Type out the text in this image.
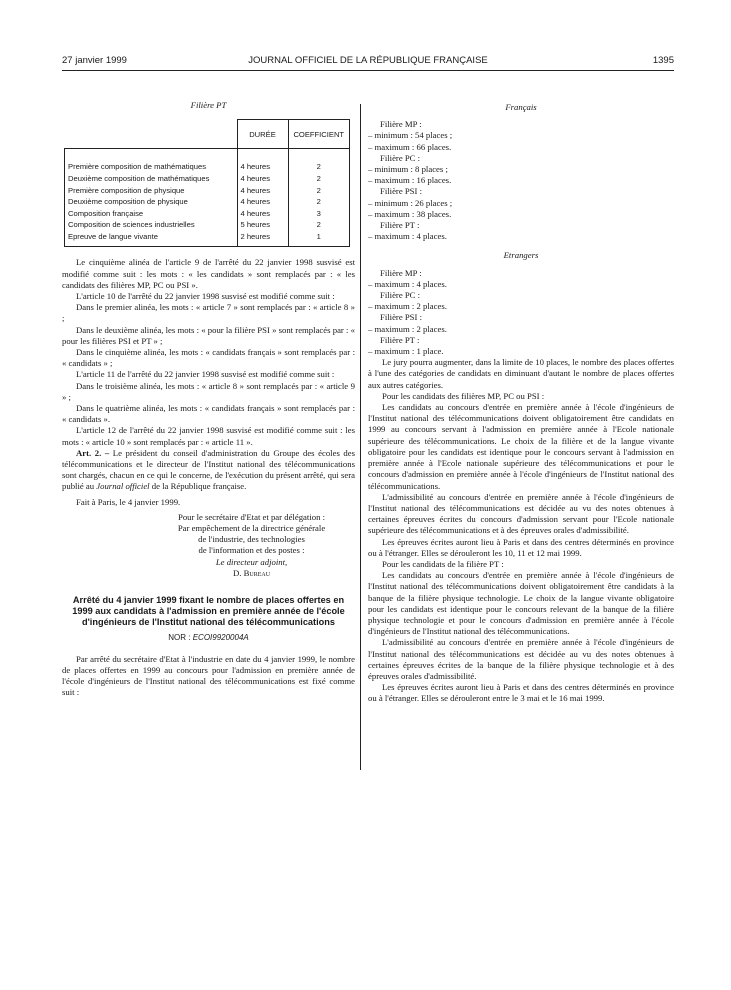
27 janvier 1999	JOURNAL OFFICIEL DE LA RÉPUBLIQUE FRANÇAISE	1395
Filière PT
	DURÉE	COEFFICIENT
Première composition de mathématiques	4 heures	2
Deuxième composition de mathématiques	4 heures	2
Première composition de physique	4 heures	2
Deuxième composition de physique	4 heures	2
Composition française	4 heures	3
Composition de sciences industrielles	5 heures	2
Epreuve de langue vivante	2 heures	1

Le cinquième alinéa de l'article 9 de l'arrêté du 22 janvier 1998 susvisé est modifié comme suit : les mots : « les candidats » sont remplacés par : « les candidats des filières MP, PC ou PSI ».

L'article 10 de l'arrêté du 22 janvier 1998 susvisé est modifié comme suit :

Dans le premier alinéa, les mots : « article 7 » sont remplacés par : « article 8 » ;

Dans le deuxième alinéa, les mots : « pour la filière PSI » sont remplacés par : « pour les filières PSI et PT » ;

Dans le cinquième alinéa, les mots : « candidats français » sont remplacés par : « candidats » ;

L'article 11 de l'arrêté du 22 janvier 1998 susvisé est modifié comme suit :

Dans le troisième alinéa, les mots : « article 8 » sont remplacés par : « article 9 » ;

Dans le quatrième alinéa, les mots : « candidats français » sont remplacés par : « candidats ».

L'article 12 de l'arrêté du 22 janvier 1998 susvisé est modifié comme suit : les mots : « article 10 » sont remplacés par : « article 11 ».

Art. 2. – Le président du conseil d'administration du Groupe des écoles des télécommunications et le directeur de l'Institut national des télécommunications sont chargés, chacun en ce qui le concerne, de l'exécution du présent arrêté, qui sera publié au Journal officiel de la République française.

Fait à Paris, le 4 janvier 1999.

Pour le secrétaire d'Etat et par délégation :
Par empêchement de la directrice générale
de l'industrie, des technologies
de l'information et des postes :
Le directeur adjoint,
D. Bureau
Arrêté du 4 janvier 1999 fixant le nombre de places offertes en 1999 aux candidats à l'admission en première année de l'école d'ingénieurs de l'Institut national des télécommunications
NOR : ECOI9920004A

Par arrêté du secrétaire d'Etat à l'industrie en date du 4 janvier 1999, le nombre de places offertes en 1999 au concours pour l'admission en première année de l'école d'ingénieurs de l'Institut national des télécommunications est fixé comme suit :

Français
Filière MP :
– minimum : 54 places ;
– maximum : 66 places.
Filière PC :
– minimum : 8 places ;
– maximum : 16 places.
Filière PSI :
– minimum : 26 places ;
– maximum : 38 places.
Filière PT :
– maximum : 4 places.
Etrangers
Filière MP :
– maximum : 4 places.
Filière PC :
– maximum : 2 places.
Filière PSI :
– maximum : 2 places.
Filière PT :
– maximum : 1 place.

Le jury pourra augmenter, dans la limite de 10 places, le nombre des places offertes à l'une des catégories de candidats en diminuant d'autant le nombre de places offertes aux autres catégories.

Pour les candidats des filières MP, PC ou PSI :

Les candidats au concours d'entrée en première année à l'école d'ingénieurs de l'Institut national des télécommunications doivent obligatoirement être candidats en 1999 au concours servant à l'admission en première année à l'Ecole nationale supérieure des télécommunications. Le choix de la filière et de la langue vivante obligatoire pour les candidats est identique pour le concours servant à l'admission en première année à l'Ecole nationale supérieure des télécommunications et pour le concours d'admission en première année à l'école d'ingénieurs de l'Institut national des télécommunications.

L'admissibilité au concours d'entrée en première année à l'école d'ingénieurs de l'Institut national des télécommunications est décidée au vu des notes obtenues à certaines épreuves écrites du concours d'admission servant pour l'Ecole nationale supérieure des télécommunications et à des épreuves orales d'admissibilité.

Les épreuves écrites auront lieu à Paris et dans des centres déterminés en province ou à l'étranger. Elles se dérouleront les 10, 11 et 12 mai 1999.

Pour les candidats de la filière PT :

Les candidats au concours d'entrée en première année à l'école d'ingénieurs de l'Institut national des télécommunications doivent obligatoirement être candidats à la banque de la filière physique technologie. Le choix de la langue vivante obligatoire pour les candidats est identique pour le concours relevant de la banque de la filière physique technologie et pour le concours d'admission en première année à l'école d'ingénieurs de l'Institut national des télécommunications.

L'admissibilité au concours d'entrée en première année à l'école d'ingénieurs de l'Institut national des télécommunications est décidée au vu des notes obtenues à certaines épreuves écrites de la banque de la filière physique technologie et à des épreuves orales d'admissibilité.

Les épreuves écrites auront lieu à Paris et dans des centres déterminés en province ou à l'étranger. Elles se dérouleront entre le 3 mai et le 16 mai 1999.
